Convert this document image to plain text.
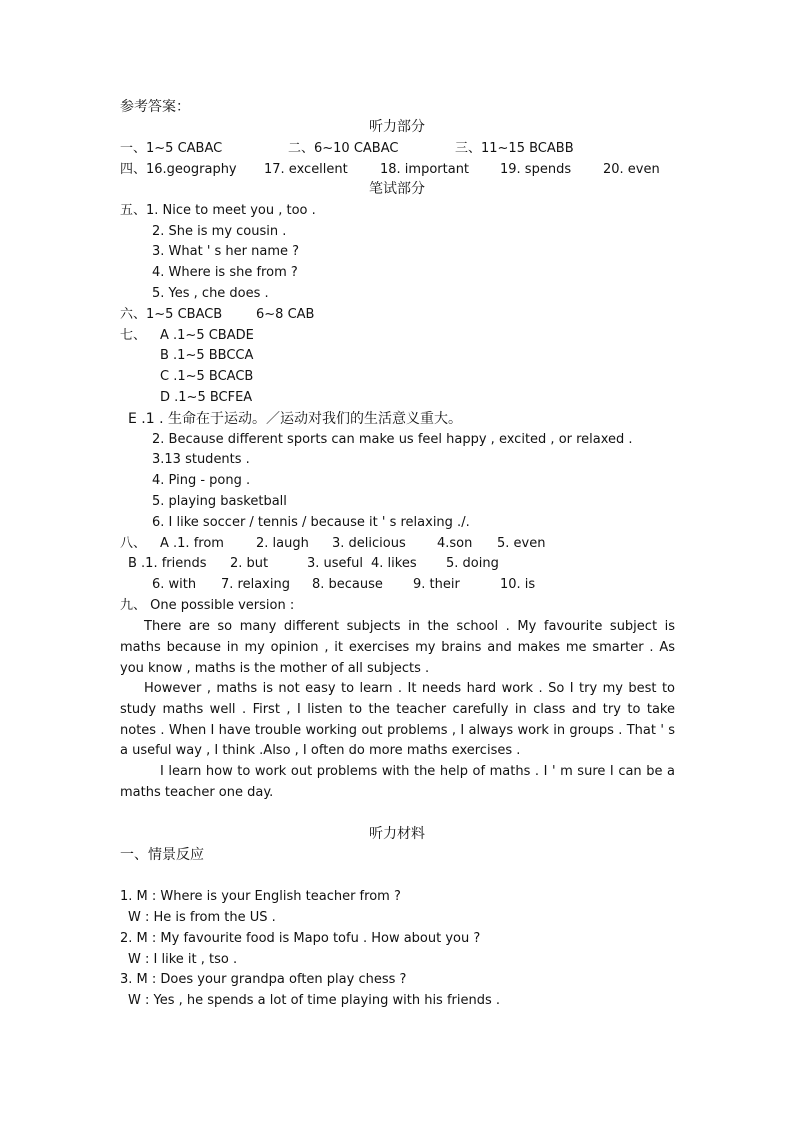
参考答案：
听力部分
一、1~5 CABAC	二、6~10 CABAC	三、11~15 BCABB
四、16.geography 17. excellent 18. important 19. spends 20. even
笔试部分
五、1. Nice to meet you , too .
2. She is my cousin .
3. What ' s her name ?
4. Where is she from ?
5. Yes , che does .
六、1~5 CBACB	6~8 CAB
七、 A .1~5 CBADE
B .1~5 BBCCA
C .1~5 BCACB
D .1~5 BCFEA
E .1 . 生命在于运动。／运动对我们的生活意义重大。
2. Because different sports can make us feel happy , excited , or relaxed .
3.13 students .
4. Ping - pong .
5. playing basketball
6. I like soccer / tennis / because it ' s relaxing ./.
八、 A .1. from 2. laugh 3. delicious 4.son 5. even
B .1. friends 2. but	3. useful 4. likes 5. doing
6. with 7. relaxing 8. because 9. their	10. is
九、 One possible version :
There are so many different subjects in the school . My favourite subject is maths because in my opinion , it exercises my brains and makes me smarter . As you know , maths is the mother of all subjects .
However , maths is not easy to learn . It needs hard work . So I try my best to study maths well . First , I listen to the teacher carefully in class and try to take notes . When I have trouble working out problems , I always work in groups . That ' s a useful way , I think .Also , I often do more maths exercises .
I learn how to work out problems with the help of maths . I ' m sure I can be a maths teacher one day.
听力材料
一、情景反应
1. M : Where is your English teacher from ?
W : He is from the US .
2. M : My favourite food is Mapo tofu . How about you ?
W : I like it , tso .
3. M : Does your grandpa often play chess ?
W : Yes , he spends a lot of time playing with his friends .
